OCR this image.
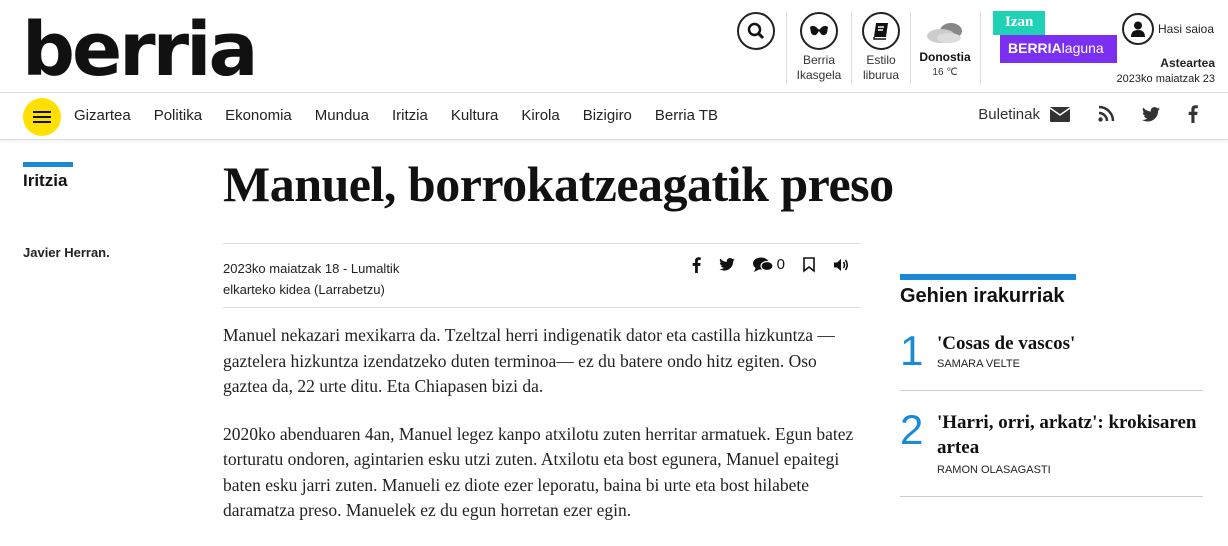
berria	Berria Ikasgela
Estilo liburua
Donostia
16 ℃
Izan
BERRIAlaguna
Hasi saioa
Asteartea
2023ko maiatzak 23
Gizartea Politika Ekonomia Mundua Iritzia Kultura Kirola Bizigiro Berria TB	Buletinak
Iritzia
Javier Herran.
Manuel, borrokatzeagatik preso
2023ko maiatzak 18 - Lumaltik elkarteko kidea (Larrabetzu)
0

Manuel nekazari mexikarra da. Tzeltzal herri indigenatik dator eta castilla hizkuntza —gaztelera hizkuntza izendatzeko duten terminoa— ez du batere ondo hitz egiten. Oso gaztea da, 22 urte ditu. Eta Chiapasen bizi da.

2020ko abenduaren 4an, Manuel legez kanpo atxilotu zuten herritar armatuek. Egun batez torturatu ondoren, agintarien esku utzi zuten. Atxilotu eta bost egunera, Manuel epaitegi baten esku jarri zuten. Manueli ez diote ezer leporatu, baina bi urte eta bost hilabete daramatza preso. Manuelek ez du egun horretan ezer egin.

Gehien irakurriak
1 'Cosas de vascos'
SAMARA VELTE
2 'Harri, orri, arkatz': krokisaren artea
RAMON OLASAGASTI
